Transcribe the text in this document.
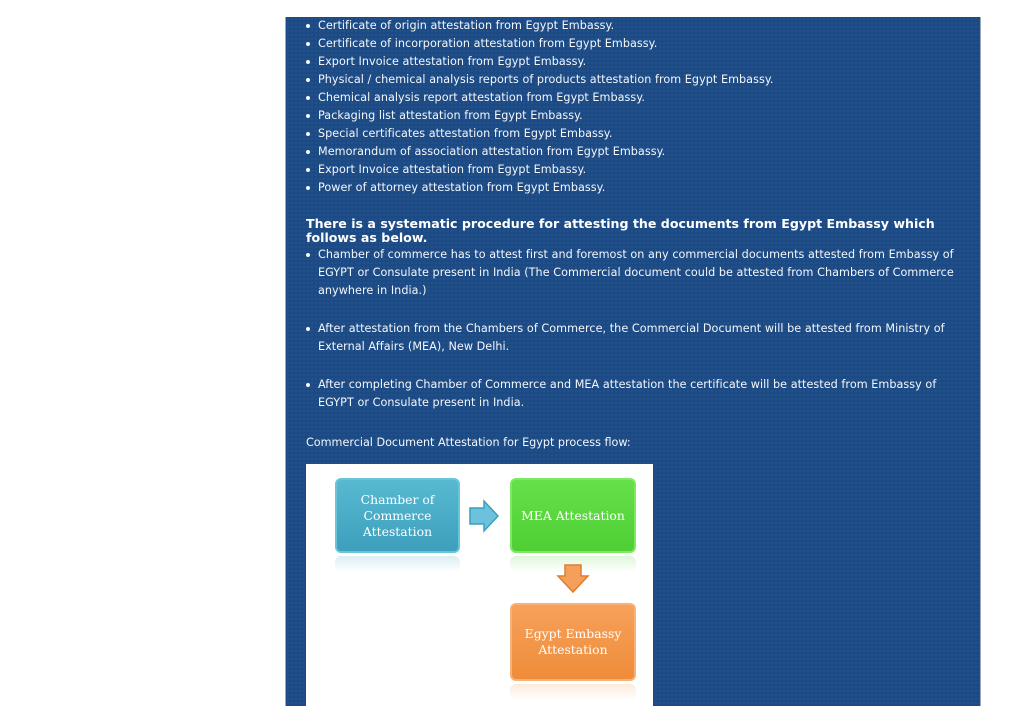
Certificate of origin attestation from Egypt Embassy.
Certificate of incorporation attestation from Egypt Embassy.
Export Invoice attestation from Egypt Embassy.
Physical / chemical analysis reports of products attestation from Egypt Embassy.
Chemical analysis report attestation from Egypt Embassy.
Packaging list attestation from Egypt Embassy.
Special certificates attestation from Egypt Embassy.
Memorandum of association attestation from Egypt Embassy.
Export Invoice attestation from Egypt Embassy.
Power of attorney attestation from Egypt Embassy.
There is a systematic procedure for attesting the documents from Egypt Embassy which follows as below.
Chamber of commerce has to attest first and foremost on any commercial documents attested from Embassy of EGYPT or Consulate present in India (The Commercial document could be attested from Chambers of Commerce anywhere in India.)
After attestation from the Chambers of Commerce, the Commercial Document will be attested from Ministry of External Affairs (MEA), New Delhi.
After completing Chamber of Commerce and MEA attestation the certificate will be attested from Embassy of EGYPT or Consulate present in India.
Commercial Document Attestation for Egypt process flow:
Chamber of Commerce Attestation
MEA Attestation
Egypt Embassy Attestation
